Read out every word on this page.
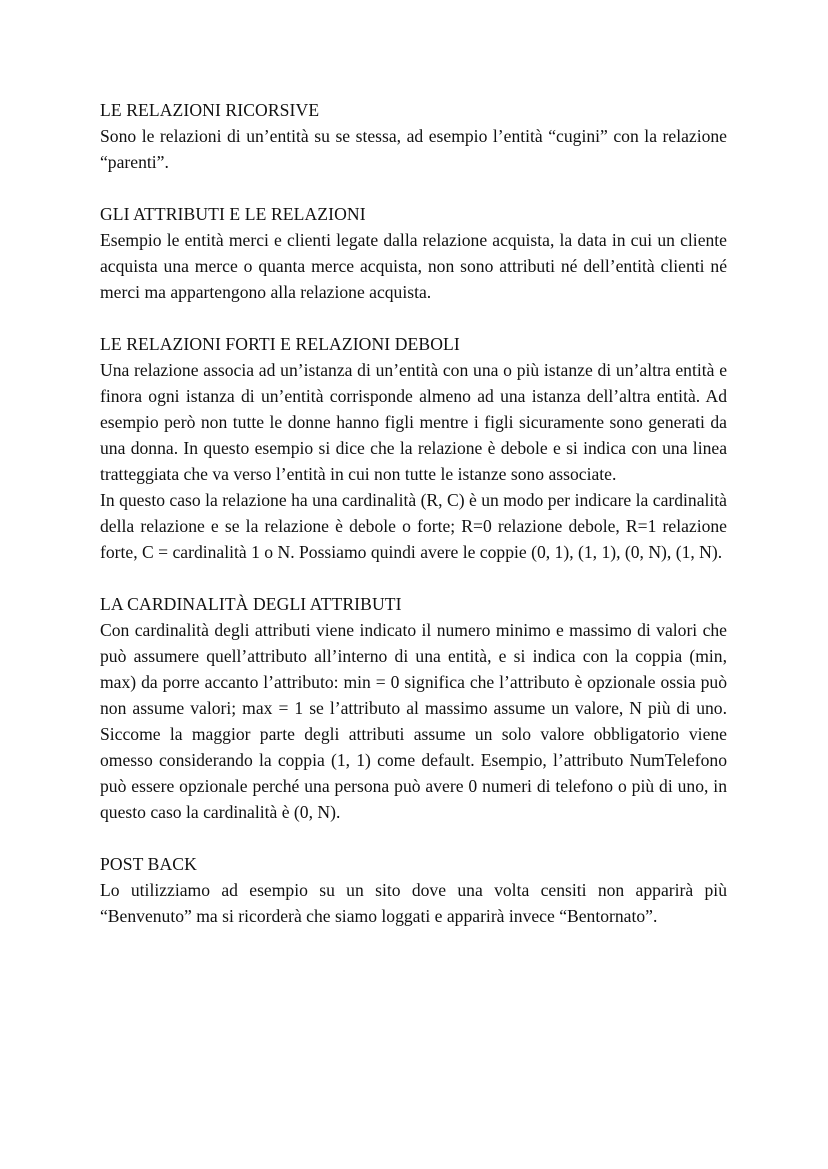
LE RELAZIONI RICORSIVE

Sono le relazioni di un’entità su se stessa, ad esempio l’entità “cugini” con la relazione “parenti”.

GLI ATTRIBUTI E LE RELAZIONI

Esempio le entità merci e clienti legate dalla relazione acquista, la data in cui un cliente acquista una merce o quanta merce acquista, non sono attributi né dell’entità clienti né merci ma appartengono alla relazione acquista.

LE RELAZIONI FORTI E RELAZIONI DEBOLI

Una relazione associa ad un’istanza di un’entità con una o più istanze di un’altra entità e finora ogni istanza di un’entità corrisponde almeno ad una istanza dell’altra entità. Ad esempio però non tutte le donne hanno figli mentre i figli sicuramente sono generati da una donna. In questo esempio si dice che la relazione è debole e si indica con una linea tratteggiata che va verso l’entità in cui non tutte le istanze sono associate.

In questo caso la relazione ha una cardinalità (R, C) è un modo per indicare la cardinalità della relazione e se la relazione è debole o forte; R=0 relazione debole, R=1 relazione forte, C = cardinalità 1 o N. Possiamo quindi avere le coppie (0, 1), (1, 1), (0, N), (1, N).

LA CARDINALITÀ DEGLI ATTRIBUTI

Con cardinalità degli attributi viene indicato il numero minimo e massimo di valori che può assumere quell’attributo all’interno di una entità, e si indica con la coppia (min, max) da porre accanto l’attributo: min = 0 significa che l’attributo è opzionale ossia può non assume valori; max = 1 se l’attributo al massimo assume un valore, N più di uno. Siccome la maggior parte degli attributi assume un solo valore obbligatorio viene omesso considerando la coppia (1, 1) come default. Esempio, l’attributo NumTelefono può essere opzionale perché una persona può avere 0 numeri di telefono o più di uno, in questo caso la cardinalità è (0, N).

POST BACK

Lo utilizziamo ad esempio su un sito dove una volta censiti non apparirà più “Benvenuto” ma si ricorderà che siamo loggati e apparirà invece “Bentornato”.
